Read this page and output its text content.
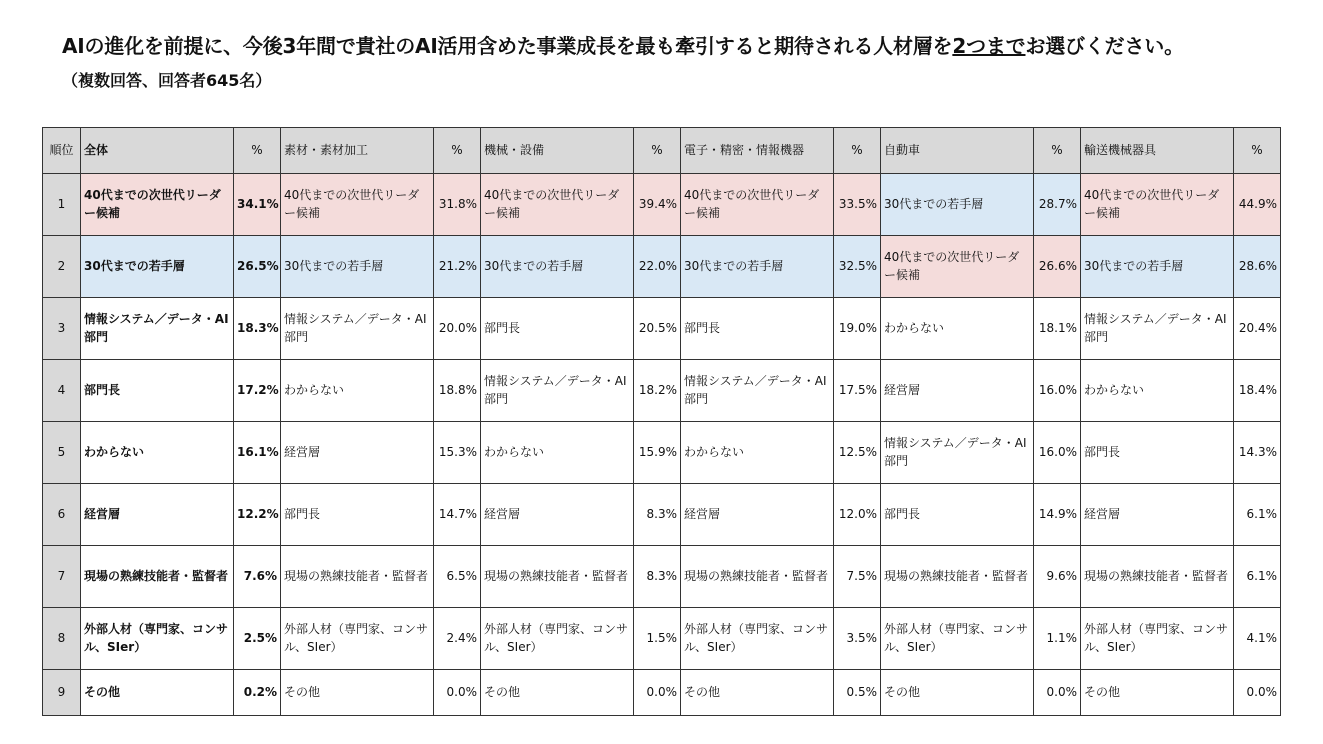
AIの進化を前提に、今後3年間で貴社のAI活用含めた事業成長を最も牽引すると期待される人材層を2つまでお選びください。
（複数回答、回答者645名）
順位	全体	%	素材・素材加工	%	機械・設備	%	電子・精密・情報機器	%	自動車	%	輸送機械器具	%
1	40代までの次世代リーダー候補	34.1%	40代までの次世代リーダー候補	31.8%	40代までの次世代リーダー候補	39.4%	40代までの次世代リーダー候補	33.5%	30代までの若手層	28.7%	40代までの次世代リーダー候補	44.9%
2	30代までの若手層	26.5%	30代までの若手層	21.2%	30代までの若手層	22.0%	30代までの若手層	32.5%	40代までの次世代リーダー候補	26.6%	30代までの若手層	28.6%
3	情報システム／データ・AI部門	18.3%	情報システム／データ・AI部門	20.0%	部門長	20.5%	部門長	19.0%	わからない	18.1%	情報システム／データ・AI部門	20.4%
4	部門長	17.2%	わからない	18.8%	情報システム／データ・AI部門	18.2%	情報システム／データ・AI部門	17.5%	経営層	16.0%	わからない	18.4%
5	わからない	16.1%	経営層	15.3%	わからない	15.9%	わからない	12.5%	情報システム／データ・AI部門	16.0%	部門長	14.3%
6	経営層	12.2%	部門長	14.7%	経営層	8.3%	経営層	12.0%	部門長	14.9%	経営層	6.1%
7	現場の熟練技能者・監督者	7.6%	現場の熟練技能者・監督者	6.5%	現場の熟練技能者・監督者	8.3%	現場の熟練技能者・監督者	7.5%	現場の熟練技能者・監督者	9.6%	現場の熟練技能者・監督者	6.1%
8	外部人材（専門家、コンサル、SIer）	2.5%	外部人材（専門家、コンサル、SIer）	2.4%	外部人材（専門家、コンサル、SIer）	1.5%	外部人材（専門家、コンサル、SIer）	3.5%	外部人材（専門家、コンサル、SIer）	1.1%	外部人材（専門家、コンサル、SIer）	4.1%
9	その他	0.2%	その他	0.0%	その他	0.0%	その他	0.5%	その他	0.0%	その他	0.0%
